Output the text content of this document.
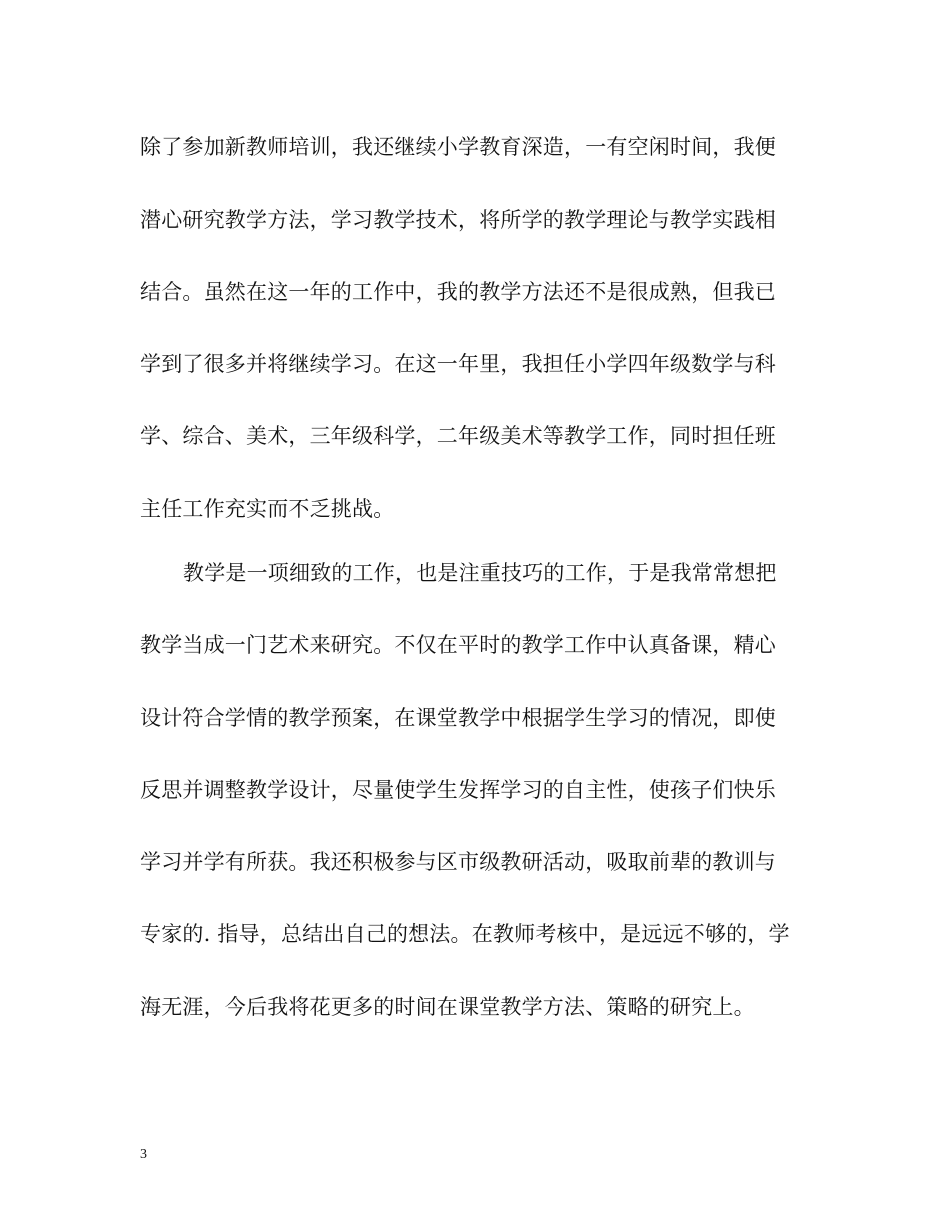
除了参加新教师培训，我还继续小学教育深造，一有空闲时间，我便
潜心研究教学方法，学习教学技术，将所学的教学理论与教学实践相
结合。虽然在这一年的工作中，我的教学方法还不是很成熟，但我已
学到了很多并将继续学习。在这一年里，我担任小学四年级数学与科
学、综合、美术，三年级科学，二年级美术等教学工作，同时担任班
主任工作充实而不乏挑战。
教学是一项细致的工作，也是注重技巧的工作，于是我常常想把
教学当成一门艺术来研究。不仅在平时的教学工作中认真备课，精心
设计符合学情的教学预案，在课堂教学中根据学生学习的情况，即使
反思并调整教学设计，尽量使学生发挥学习的自主性，使孩子们快乐
学习并学有所获。我还积极参与区市级教研活动，吸取前辈的教训与
专家的. 指导，总结出自己的想法。在教师考核中，是远远不够的，学
海无涯，今后我将花更多的时间在课堂教学方法、策略的研究上。
3
